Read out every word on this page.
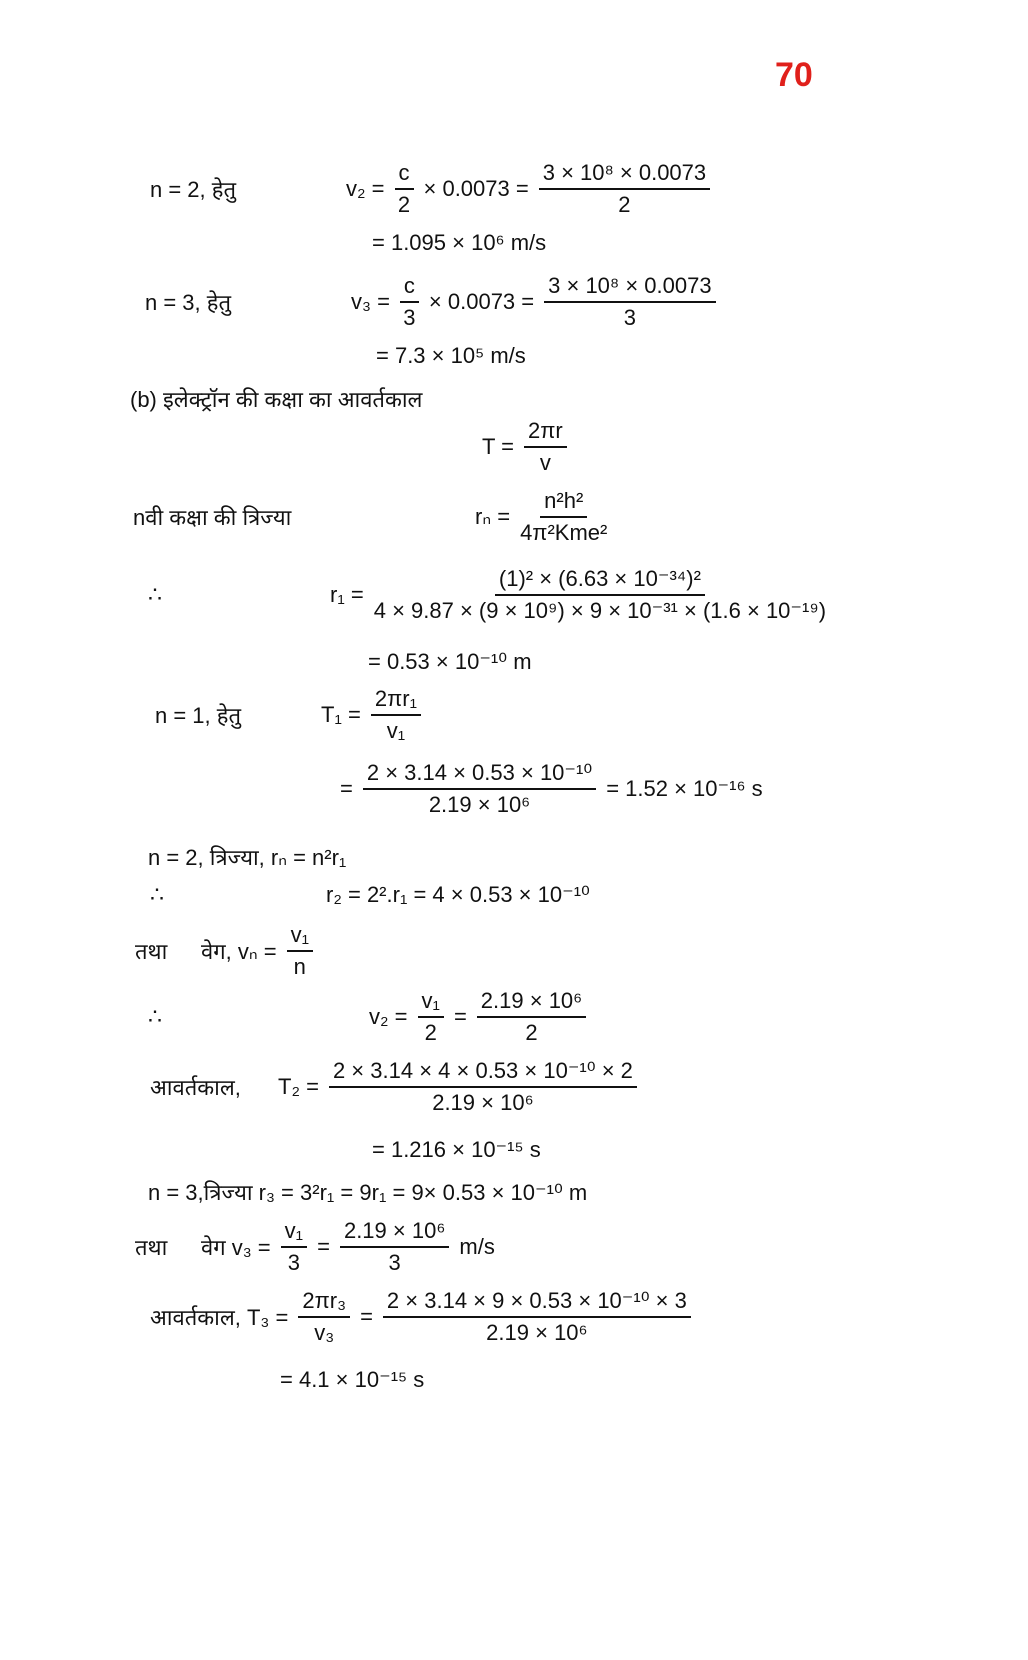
70
n = 2, हेतु	$v_2 = \frac{c}{2} \times 0.0073 = \frac{\text{3 × 10⁸ × 0.0073}}{2}$
= 1.095 × 10⁶ m/s
n = 3, हेतु	$v_3 = \frac{c}{3} \times 0.0073 = \frac{\text{3 × 10⁸ × 0.0073}}{3}$
= 7.3 × 10⁵ m/s
(b) इलेक्ट्रॉन की कक्षा का आवर्तकाल
$T = \frac{2\pi r}{v}$
nवी कक्षा की त्रिज्या	rₙ =
n²h²
4π²Kme²
∴	$r_1 = \frac{\text{(1)² × (6.63 × 10⁻³⁴)²}}{\text{4 × 9.87 × (9 × 10⁹) × 9 × 10⁻³¹ × (1.6 × 10⁻¹⁹)}}$
= 0.53 × 10⁻¹⁰ m
n = 1, हेतु	$T_1 = \frac{\text{2πr₁}}{\text{v₁}}$
= $\frac{\text{2 × 3.14 × 0.53 × 10⁻¹⁰}}{\text{2.19 × 10⁶}} = 1.52 \times 10^{-16}$ s
n = 2, त्रिज्या, rₙ = n²r₁
∴	r₂ = 2².r₁ = 4 × 0.53 × 10⁻¹⁰
तथा	वेग, $v_n = \frac{\text{v₁}}{n}$
∴	$v_2 = \frac{\text{v₁}}{2} = \frac{\text{2.19 × 10⁶}}{2}$
आवर्तकाल,	$T_2 = \frac{\text{2 × 3.14 × 4 × 0.53 × 10⁻¹⁰ × 2}}{\text{2.19 × 10⁶}}$
= 1.216 × 10⁻¹⁵ s
n = 3,त्रिज्या r₃ = 3²r₁ = 9r₁ = 9× 0.53 × 10⁻¹⁰ m
तथा	वेग $v_3 = \frac{\text{v₁}}{3} = \frac{\text{2.19 × 10⁶}}{3} m/s$
आवर्तकाल, $T_3 = \frac{\text{2πr₃}}{\text{v₃}} = \frac{\text{2 × 3.14 × 9 × 0.53 × 10⁻¹⁰ × 3}}{\text{2.19 × 10⁶}}$
= 4.1 × 10⁻¹⁵ s
